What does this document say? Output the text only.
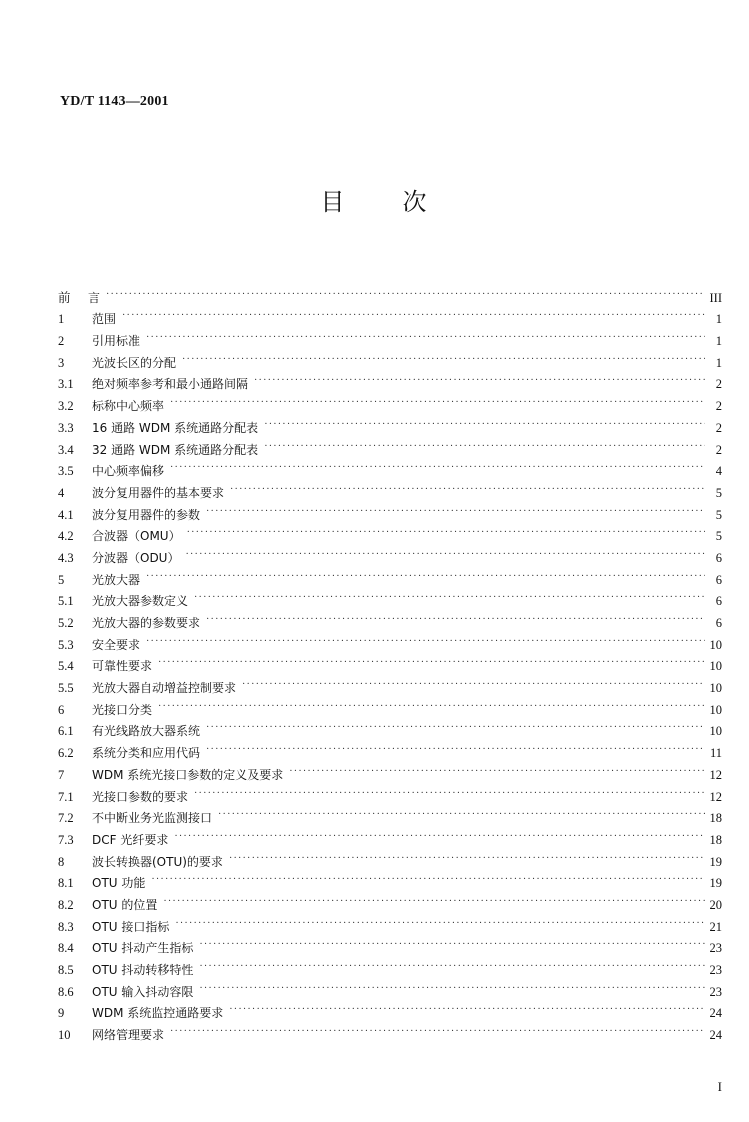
YD/T 1143—2001
目 次
前	言 ·····	III
1	范围 ·····	1
2	引用标准 ·····	1
3	光波长区的分配 ·····	1
3.1	绝对频率参考和最小通路间隔 ·····	2
3.2	标称中心频率 ·····	2
3.3	16 通路 WDM 系统通路分配表 ·····	2
3.4	32 通路 WDM 系统通路分配表 ·····	2
3.5	中心频率偏移 ·····	4
4	波分复用器件的基本要求 ·····	5
4.1	波分复用器件的参数 ·····	5
4.2	合波器（OMU） ·····	5
4.3	分波器（ODU） ·····	6
5	光放大器 ·····	6
5.1	光放大器参数定义 ·····	6
5.2	光放大器的参数要求 ·····	6
5.3	安全要求 ·····	10
5.4	可靠性要求 ·····	10
5.5	光放大器自动增益控制要求 ·····	10
6	光接口分类 ·····	10
6.1	有光线路放大器系统 ·····	10
6.2	系统分类和应用代码 ·····	11
7	WDM 系统光接口参数的定义及要求 ·····	12
7.1	光接口参数的要求 ·····	12
7.2	不中断业务光监测接口 ·····	18
7.3	DCF 光纤要求 ·····	18
8	波长转换器(OTU)的要求 ·····	19
8.1	OTU 功能 ·····	19
8.2	OTU 的位置 ·····	20
8.3	OTU 接口指标 ·····	21
8.4	OTU 抖动产生指标 ·····	23
8.5	OTU 抖动转移特性 ·····	23
8.6	OTU 输入抖动容限 ·····	23
9	WDM 系统监控通路要求 ·····	24
10	网络管理要求 ·····	24
I
